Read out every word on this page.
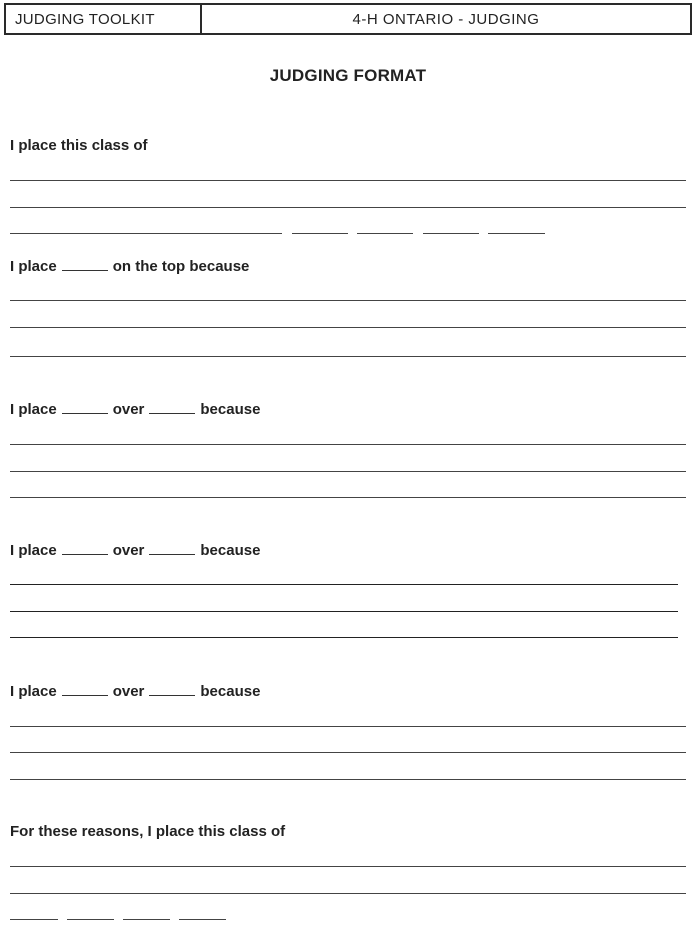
JUDGING TOOLKIT	4-H ONTARIO - JUDGING
JUDGING FORMAT
I place this class of
I place	on the top because
I place	over	because
I place	over	because
I place	over	because
For these reasons, I place this class of
